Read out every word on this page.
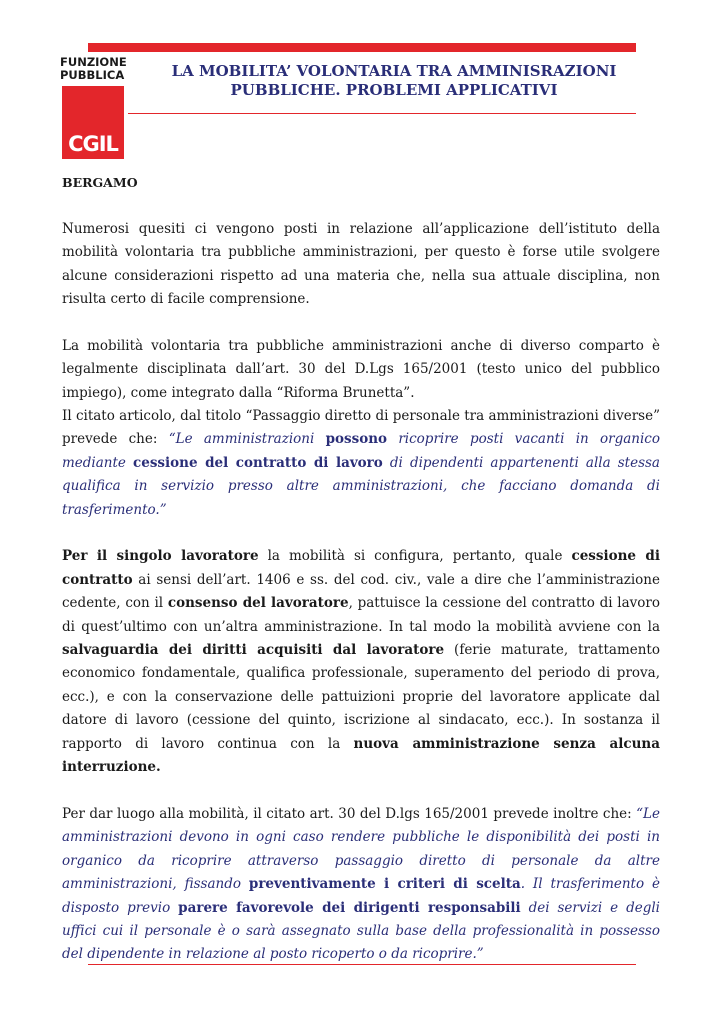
FUNZIONE
PUBBLICA
CGIL
LA MOBILITA’ VOLONTARIA TRA AMMINISRAZIONI
PUBBLICHE. PROBLEMI APPLICATIVI
BERGAMO

Numerosi quesiti ci vengono posti in relazione all’applicazione dell’istituto della mobilità volontaria tra pubbliche amministrazioni, per questo è forse utile svolgere alcune considerazioni rispetto ad una materia che, nella sua attuale disciplina, non risulta certo di facile comprensione.

La mobilità volontaria tra pubbliche amministrazioni anche di diverso comparto è legalmente disciplinata dall’art. 30 del D.Lgs 165/2001 (testo unico del pubblico impiego), come integrato dalla “Riforma Brunetta”.

Il citato articolo, dal titolo “Passaggio diretto di personale tra amministrazioni diverse” prevede che: “Le amministrazioni possono ricoprire posti vacanti in organico mediante cessione del contratto di lavoro di dipendenti appartenenti alla stessa qualifica in servizio presso altre amministrazioni, che facciano domanda di trasferimento.”

Per il singolo lavoratore la mobilità si configura, pertanto, quale cessione di contratto ai sensi dell’art. 1406 e ss. del cod. civ., vale a dire che l’amministrazione cedente, con il consenso del lavoratore, pattuisce la cessione del contratto di lavoro di quest’ultimo con un’altra amministrazione. In tal modo la mobilità avviene con la salvaguardia dei diritti acquisiti dal lavoratore (ferie maturate, trattamento economico fondamentale, qualifica professionale, superamento del periodo di prova, ecc.), e con la conservazione delle pattuizioni proprie del lavoratore applicate dal datore di lavoro (cessione del quinto, iscrizione al sindacato, ecc.). In sostanza il rapporto di lavoro continua con la nuova amministrazione senza alcuna interruzione.

Per dar luogo alla mobilità, il citato art. 30 del D.lgs 165/2001 prevede inoltre che: “Le amministrazioni devono in ogni caso rendere pubbliche le disponibilità dei posti in organico da ricoprire attraverso passaggio diretto di personale da altre amministrazioni, fissando preventivamente i criteri di scelta. Il trasferimento è disposto previo parere favorevole dei dirigenti responsabili dei servizi e degli uffici cui il personale è o sarà assegnato sulla base della professionalità in possesso del dipendente in relazione al posto ricoperto o da ricoprire.”
